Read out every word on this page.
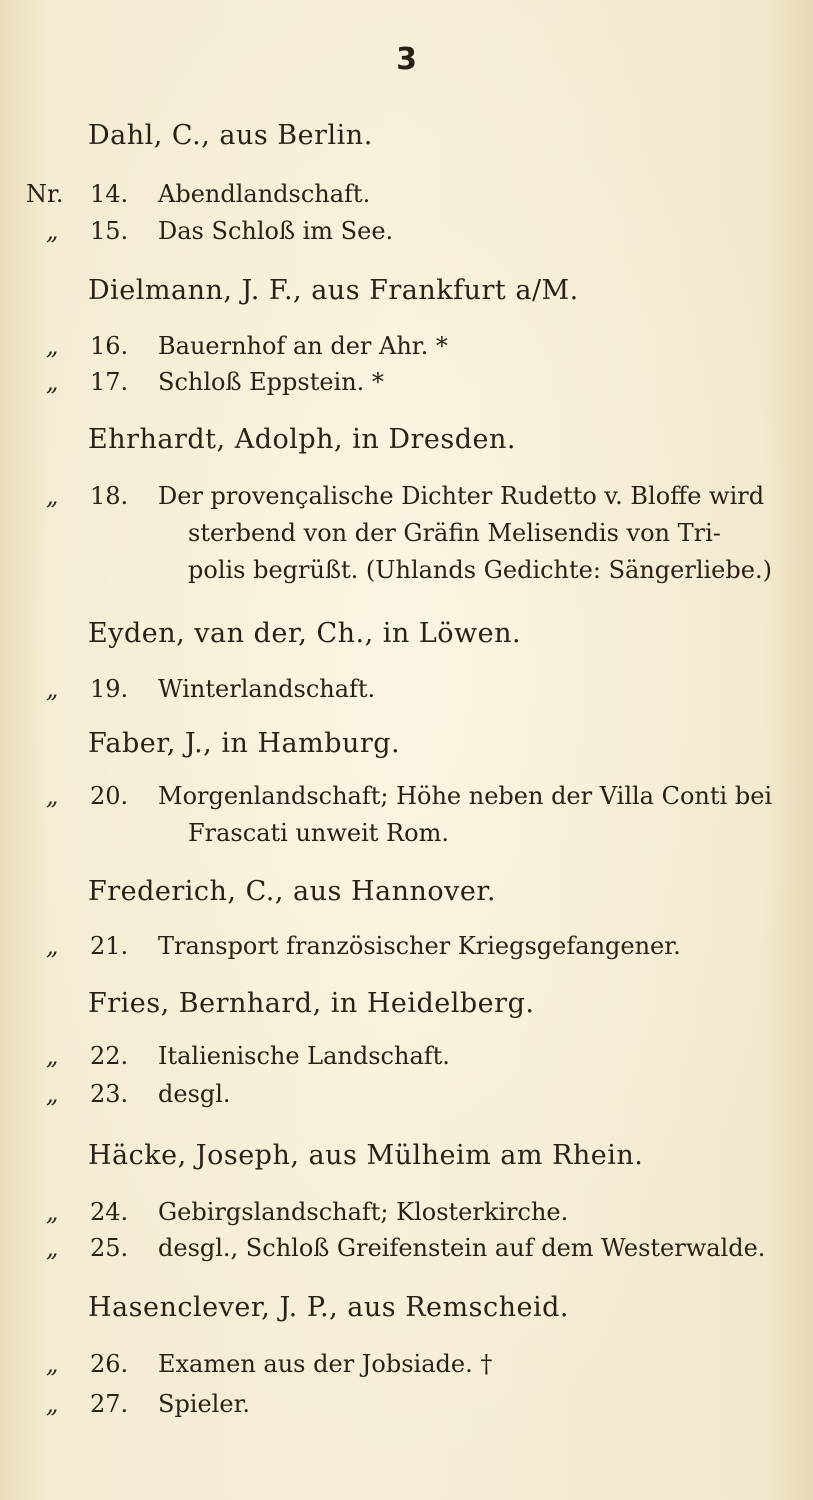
3
Dahl, C., aus Berlin.
Nr. 14. Abendlandschaft.
„ 15. Das Schloß im See.
Dielmann, J. F., aus Frankfurt a/M.
„ 16. Bauernhof an der Ahr. *
„ 17. Schloß Eppstein. *
Ehrhardt, Adolph, in Dresden.
„ 18. Der provençalische Dichter Rudetto v. Bloffe wird
sterbend von der Gräfin Melisendis von Tri-
polis begrüßt. (Uhlands Gedichte: Sängerliebe.)
Eyden, van der, Ch., in Löwen.
„ 19. Winterlandschaft.
Faber, J., in Hamburg.
„ 20. Morgenlandschaft; Höhe neben der Villa Conti bei
Frascati unweit Rom.
Frederich, C., aus Hannover.
„ 21. Transport französischer Kriegsgefangener.
Fries, Bernhard, in Heidelberg.
„ 22. Italienische Landschaft.
„ 23. desgl.
Häcke, Joseph, aus Mülheim am Rhein.
„ 24. Gebirgslandschaft; Klosterkirche.
„ 25. desgl., Schloß Greifenstein auf dem Westerwalde.
Hasenclever, J. P., aus Remscheid.
„ 26. Examen aus der Jobsiade. †
„ 27. Spieler.
